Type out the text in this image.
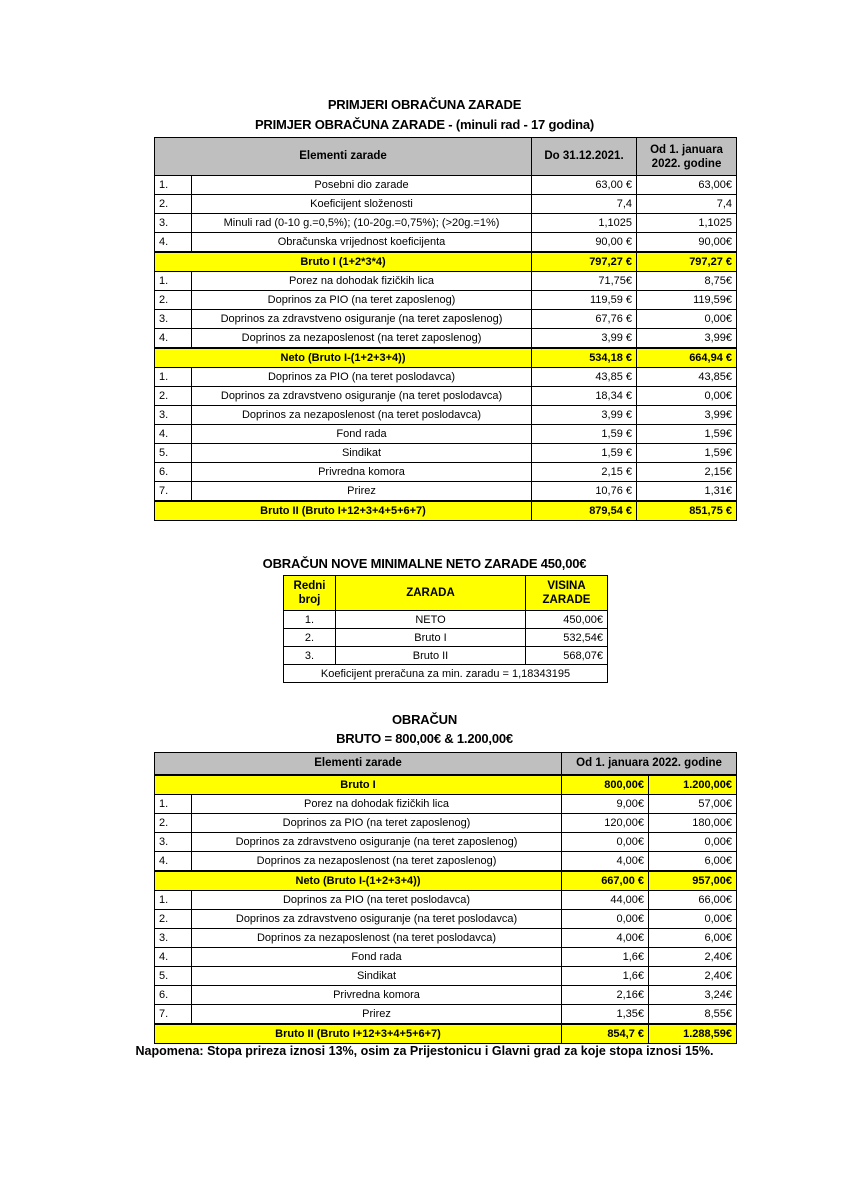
PRIMJERI OBRAČUNA ZARADE
PRIMJER OBRAČUNA ZARADE - (minuli rad - 17 godina)
Elementi zarade		Do 31.12.2021.	Od 1. januara
2022. godine
1.	Posebni dio zarade	63,00 €	63,00€
2.	Koeficijent složenosti	7,4	7,4
3.	Minuli rad (0-10 g.=0,5%); (10-20g.=0,75%); (>20g.=1%)	1,1025	1,1025
4.	Obračunska vrijednost koeficijenta	90,00 €	90,00€
Bruto I (1+2*3*4)		797,27 €	797,27 €
1.	Porez na dohodak fizičkih lica	71,75€	8,75€
2.	Doprinos za PIO (na teret zaposlenog)	119,59 €	119,59€
3.	Doprinos za zdravstveno osiguranje (na teret zaposlenog)	67,76 €	0,00€
4.	Doprinos za nezaposlenost (na teret zaposlenog)	3,99 €	3,99€
Neto (Bruto I-(1+2+3+4))		534,18 €	664,94 €
1.	Doprinos za PIO (na teret poslodavca)	43,85 €	43,85€
2.	Doprinos za zdravstveno osiguranje (na teret poslodavca)	18,34 €	0,00€
3.	Doprinos za nezaposlenost (na teret poslodavca)	3,99 €	3,99€
4.	Fond rada	1,59 €	1,59€
5.	Sindikat	1,59 €	1,59€
6.	Privredna komora	2,15 €	2,15€
7.	Prirez	10,76 €	1,31€
Bruto II (Bruto I+12+3+4+5+6+7)		879,54 €	851,75 €
OBRAČUN NOVE MINIMALNE NETO ZARADE 450,00€
Redni
broj	ZARADA	VISINA
ZARADE
1.	NETO	450,00€
2.	Bruto I	532,54€
3.	Bruto II	568,07€
Koeficijent preračuna za min. zaradu = 1,18343195		
OBRAČUN
BRUTO = 800,00€ & 1.200,00€
Elementi zarade		Od 1. januara 2022. godine	
Bruto I		800,00€	1.200,00€
1.	Porez na dohodak fizičkih lica	9,00€	57,00€
2.	Doprinos za PIO (na teret zaposlenog)	120,00€	180,00€
3.	Doprinos za zdravstveno osiguranje (na teret zaposlenog)	0,00€	0,00€
4.	Doprinos za nezaposlenost (na teret zaposlenog)	4,00€	6,00€
Neto (Bruto I-(1+2+3+4))		667,00 €	957,00€
1.	Doprinos za PIO (na teret poslodavca)	44,00€	66,00€
2.	Doprinos za zdravstveno osiguranje (na teret poslodavca)	0,00€	0,00€
3.	Doprinos za nezaposlenost (na teret poslodavca)	4,00€	6,00€
4.	Fond rada	1,6€	2,40€
5.	Sindikat	1,6€	2,40€
6.	Privredna komora	2,16€	3,24€
7.	Prirez	1,35€	8,55€
Bruto II (Bruto I+12+3+4+5+6+7)		854,7 €	1.288,59€
Napomena: Stopa prireza iznosi 13%, osim za Prijestonicu i Glavni grad za koje stopa iznosi 15%.
